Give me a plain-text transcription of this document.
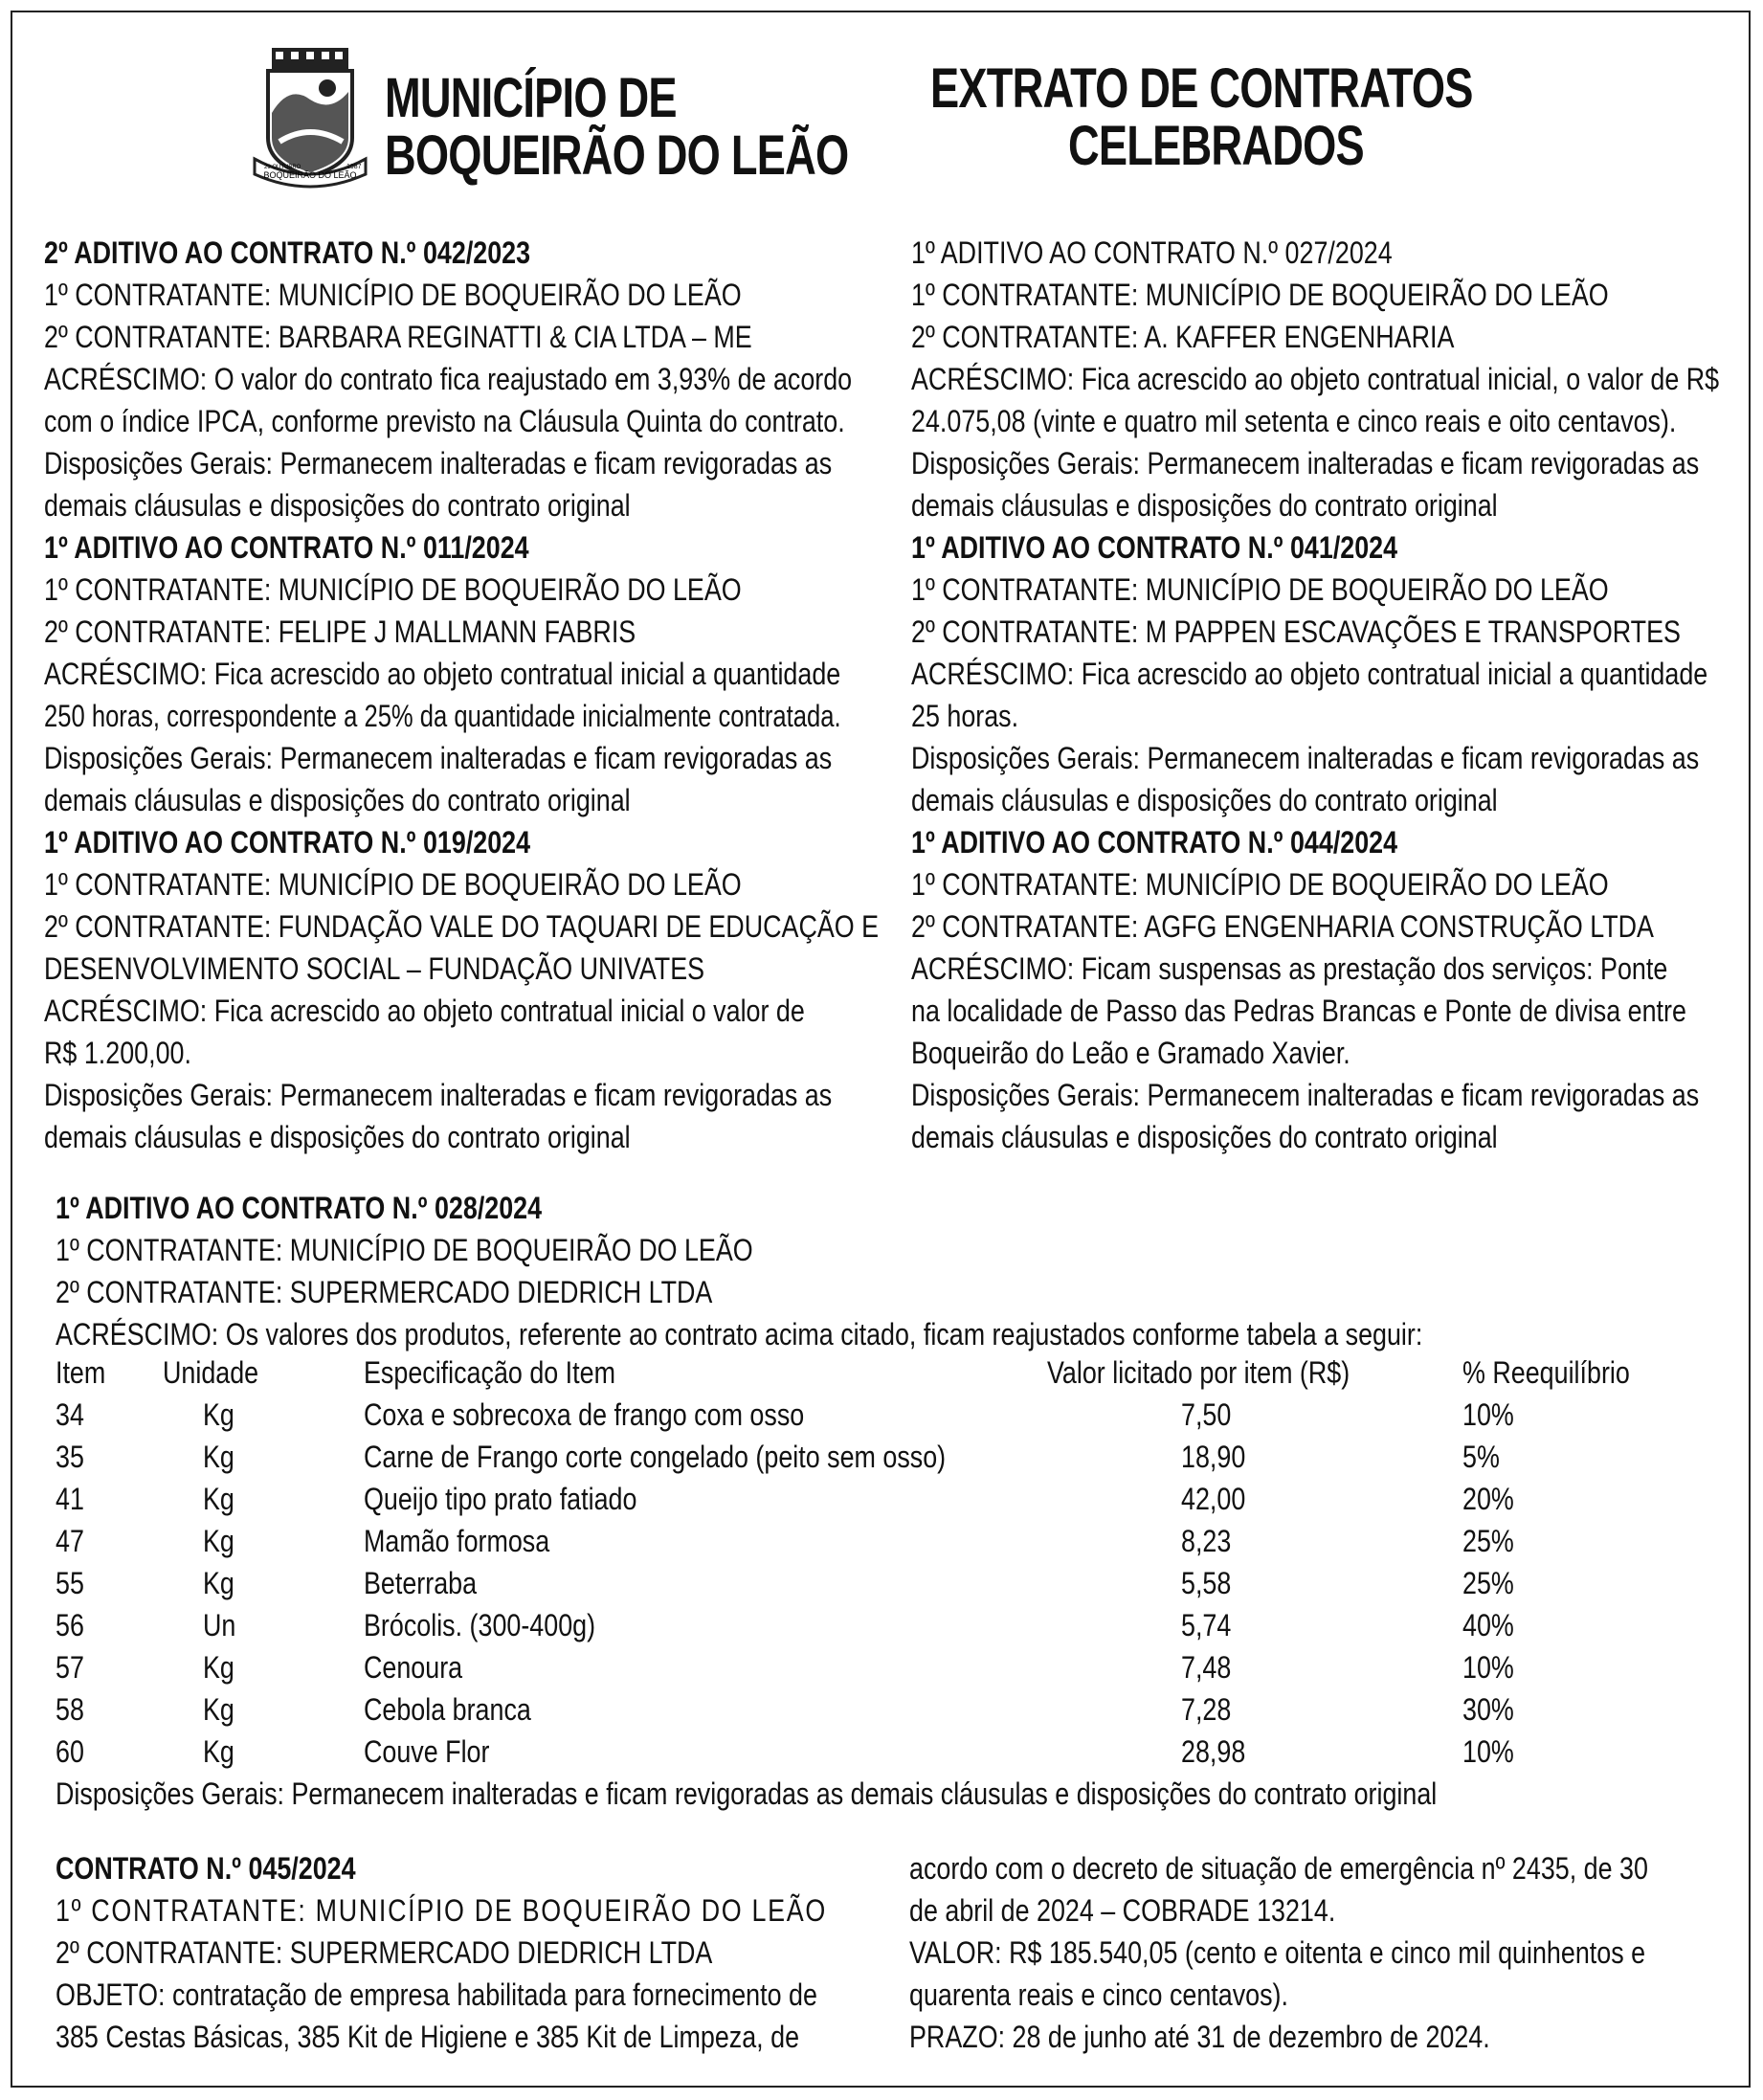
BOQUEIRÃO DO LEÃO
29 OUTUBRO	1987
MUNICÍPIO DE
BOQUEIRÃO DO LEÃO
EXTRATO DE CONTRATOS
CELEBRADOS
2º ADITIVO AO CONTRATO N.º 042/2023
1º CONTRATANTE: MUNICÍPIO DE BOQUEIRÃO DO LEÃO
2º CONTRATANTE: BARBARA REGINATTI & CIA LTDA – ME
ACRÉSCIMO: O valor do contrato fica reajustado em 3,93% de acordo
com o índice IPCA, conforme previsto na Cláusula Quinta do contrato.
Disposições Gerais: Permanecem inalteradas e ficam revigoradas as
demais cláusulas e disposições do contrato original
1º ADITIVO AO CONTRATO N.º 011/2024
1º CONTRATANTE: MUNICÍPIO DE BOQUEIRÃO DO LEÃO
2º CONTRATANTE: FELIPE J MALLMANN FABRIS
ACRÉSCIMO: Fica acrescido ao objeto contratual inicial a quantidade
250 horas, correspondente a 25% da quantidade inicialmente contratada.
Disposições Gerais: Permanecem inalteradas e ficam revigoradas as
demais cláusulas e disposições do contrato original
1º ADITIVO AO CONTRATO N.º 019/2024
1º CONTRATANTE: MUNICÍPIO DE BOQUEIRÃO DO LEÃO
2º CONTRATANTE: FUNDAÇÃO VALE DO TAQUARI DE EDUCAÇÃO E
DESENVOLVIMENTO SOCIAL – FUNDAÇÃO UNIVATES
ACRÉSCIMO: Fica acrescido ao objeto contratual inicial o valor de
R$ 1.200,00.
Disposições Gerais: Permanecem inalteradas e ficam revigoradas as
demais cláusulas e disposições do contrato original
1º ADITIVO AO CONTRATO N.º 027/2024
1º CONTRATANTE: MUNICÍPIO DE BOQUEIRÃO DO LEÃO
2º CONTRATANTE: A. KAFFER ENGENHARIA
ACRÉSCIMO: Fica acrescido ao objeto contratual inicial, o valor de R$
24.075,08 (vinte e quatro mil setenta e cinco reais e oito centavos).
Disposições Gerais: Permanecem inalteradas e ficam revigoradas as
demais cláusulas e disposições do contrato original
1º ADITIVO AO CONTRATO N.º 041/2024
1º CONTRATANTE: MUNICÍPIO DE BOQUEIRÃO DO LEÃO
2º CONTRATANTE: M PAPPEN ESCAVAÇÕES E TRANSPORTES
ACRÉSCIMO: Fica acrescido ao objeto contratual inicial a quantidade
25 horas.
Disposições Gerais: Permanecem inalteradas e ficam revigoradas as
demais cláusulas e disposições do contrato original
1º ADITIVO AO CONTRATO N.º 044/2024
1º CONTRATANTE: MUNICÍPIO DE BOQUEIRÃO DO LEÃO
2º CONTRATANTE: AGFG ENGENHARIA CONSTRUÇÃO LTDA
ACRÉSCIMO: Ficam suspensas as prestação dos serviços: Ponte
na localidade de Passo das Pedras Brancas e Ponte de divisa entre
Boqueirão do Leão e Gramado Xavier.
Disposições Gerais: Permanecem inalteradas e ficam revigoradas as
demais cláusulas e disposições do contrato original
1º ADITIVO AO CONTRATO N.º 028/2024
1º CONTRATANTE: MUNICÍPIO DE BOQUEIRÃO DO LEÃO
2º CONTRATANTE: SUPERMERCADO DIEDRICH LTDA
ACRÉSCIMO: Os valores dos produtos, referente ao contrato acima citado, ficam reajustados conforme tabela a seguir:
Item Unidade	Especificação do Item	Valor licitado por item (R$)	% Reequilíbrio
34	Kg	Coxa e sobrecoxa de frango com osso	7,50	10%
35	Kg	Carne de Frango corte congelado (peito sem osso)	18,90	5%
41	Kg	Queijo tipo prato fatiado	42,00	20%
47	Kg	Mamão formosa	8,23	25%
55	Kg	Beterraba	5,58	25%
56	Un	Brócolis. (300-400g)	5,74	40%
57	Kg	Cenoura	7,48	10%
58	Kg	Cebola branca	7,28	30%
60	Kg	Couve Flor	28,98	10%
Disposições Gerais: Permanecem inalteradas e ficam revigoradas as demais cláusulas e disposições do contrato original
CONTRATO N.º 045/2024
1º CONTRATANTE: MUNICÍPIO DE BOQUEIRÃO DO LEÃO
2º CONTRATANTE: SUPERMERCADO DIEDRICH LTDA
OBJETO: contratação de empresa habilitada para fornecimento de
385 Cestas Básicas, 385 Kit de Higiene e 385 Kit de Limpeza, de
acordo com o decreto de situação de emergência nº 2435, de 30
de abril de 2024 – COBRADE 13214.
VALOR: R$ 185.540,05 (cento e oitenta e cinco mil quinhentos e
quarenta reais e cinco centavos).
PRAZO: 28 de junho até 31 de dezembro de 2024.
